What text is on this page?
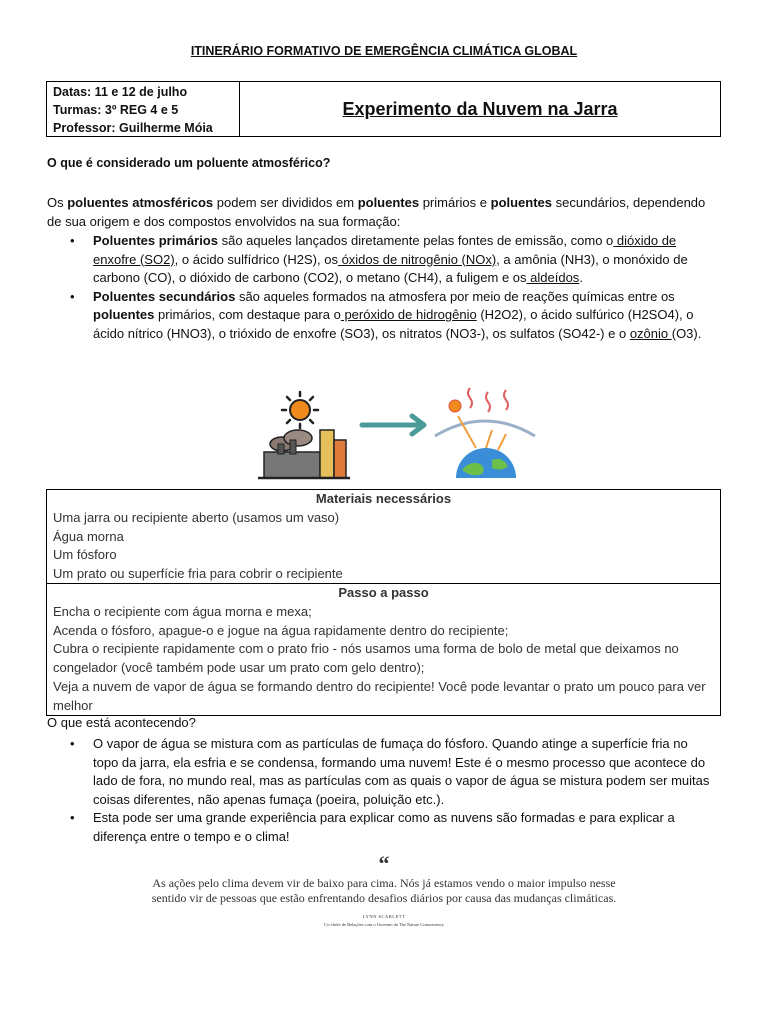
ITINERÁRIO FORMATIVO DE EMERGÊNCIA CLIMÁTICA GLOBAL
Datas: 11 e 12 de julho
Turmas: 3º REG 4 e 5
Professor: Guilherme Móia
Experimento da Nuvem na Jarra
O que é considerado um poluente atmosférico?
Os poluentes atmosféricos podem ser divididos em poluentes primários e poluentes secundários, dependendo de sua origem e dos compostos envolvidos na sua formação:
• Poluentes primários são aqueles lançados diretamente pelas fontes de emissão, como o dióxido de enxofre (SO2), o ácido sulfídrico (H2S), os óxidos de nitrogênio (NOx), a amônia (NH3), o monóxido de carbono (CO), o dióxido de carbono (CO2), o metano (CH4), a fuligem e os aldeídos.
• Poluentes secundários são aqueles formados na atmosfera por meio de reações químicas entre os poluentes primários, com destaque para o peróxido de hidrogênio (H2O2), o ácido sulfúrico (H2SO4), o ácido nítrico (HNO3), o trióxido de enxofre (SO3), os nitratos (NO3-), os sulfatos (SO42-) e o ozônio (O3).
Materiais necessários
Uma jarra ou recipiente aberto (usamos um vaso)
Água morna
Um fósforo
Um prato ou superfície fria para cobrir o recipiente
Passo a passo
Encha o recipiente com água morna e mexa;
Acenda o fósforo, apague-o e jogue na água rapidamente dentro do recipiente;
Cubra o recipiente rapidamente com o prato frio - nós usamos uma forma de bolo de metal que deixamos no congelador (você também pode usar um prato com gelo dentro);
Veja a nuvem de vapor de água se formando dentro do recipiente! Você pode levantar o prato um pouco para ver melhor
O que está acontecendo?
• O vapor de água se mistura com as partículas de fumaça do fósforo. Quando atinge a superfície fria no topo da jarra, ela esfria e se condensa, formando uma nuvem! Este é o mesmo processo que acontece do lado de fora, no mundo real, mas as partículas com as quais o vapor de água se mistura podem ser muitas coisas diferentes, não apenas fumaça (poeira, poluição etc.).
• Esta pode ser uma grande experiência para explicar como as nuvens são formadas e para explicar a diferença entre o tempo e o clima!
“
As ações pelo clima devem vir de baixo para cima. Nós já estamos vendo o maior impulso nesse sentido vir de pessoas que estão enfrentando desafios diários por causa das mudanças climáticas.
LYNN SCARLETT
Co-chefe de Relações com o Governo da The Nature Conservancy
